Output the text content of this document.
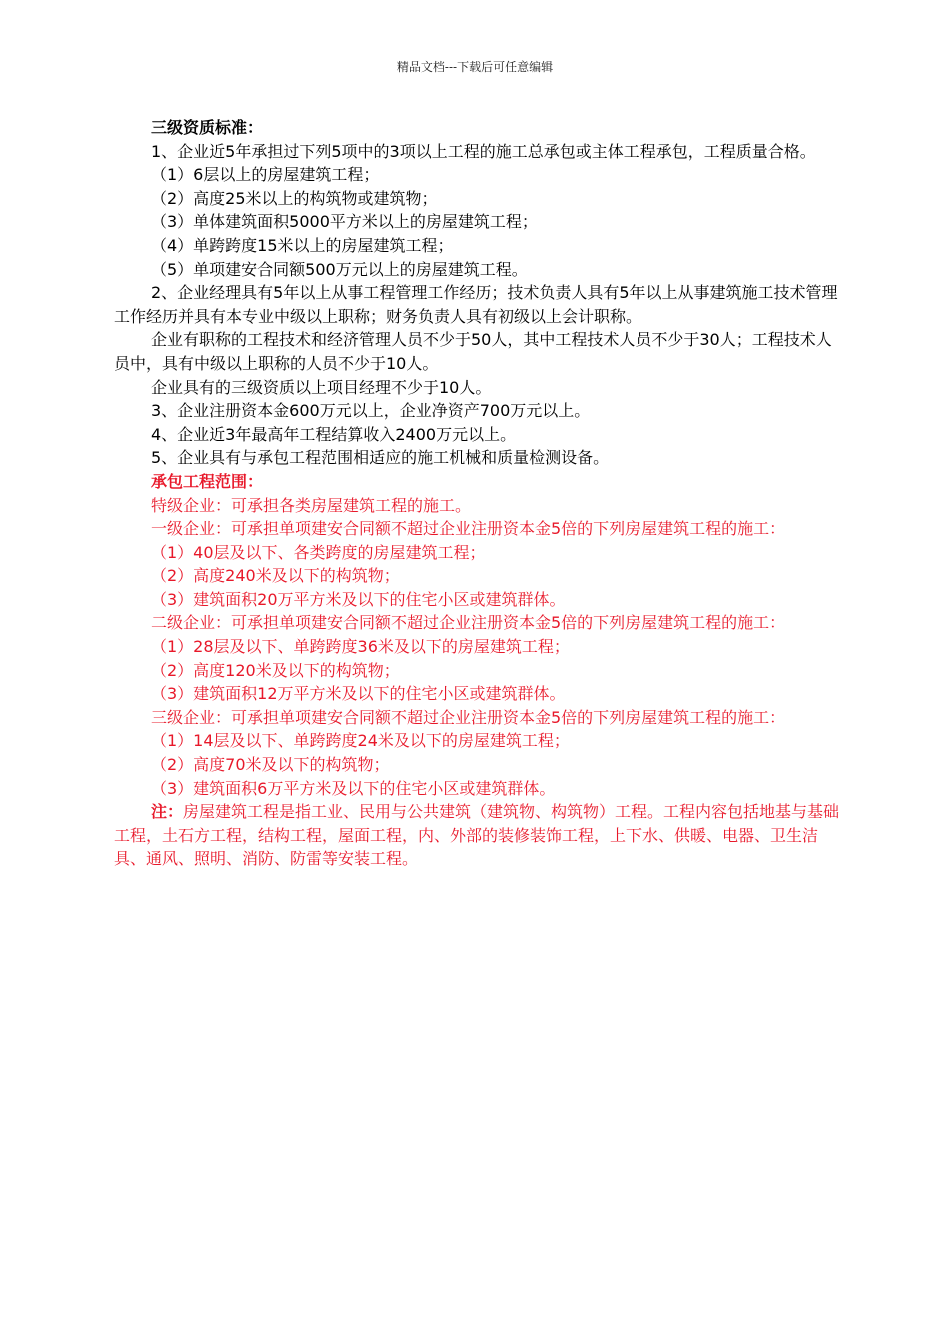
精品文档---下载后可任意编辑

三级资质标准：

1、企业近5年承担过下列5项中的3项以上工程的施工总承包或主体工程承包，工程质量合格。

（1）6层以上的房屋建筑工程；

（2）高度25米以上的构筑物或建筑物；

（3）单体建筑面积5000平方米以上的房屋建筑工程；

（4）单跨跨度15米以上的房屋建筑工程；

（5）单项建安合同额500万元以上的房屋建筑工程。

2、企业经理具有5年以上从事工程管理工作经历；技术负责人具有5年以上从事建筑施工技术管理工作经历并具有本专业中级以上职称；财务负责人具有初级以上会计职称。

企业有职称的工程技术和经济管理人员不少于50人，其中工程技术人员不少于30人；工程技术人员中，具有中级以上职称的人员不少于10人。

企业具有的三级资质以上项目经理不少于10人。

3、企业注册资本金600万元以上，企业净资产700万元以上。

4、企业近3年最高年工程结算收入2400万元以上。

5、企业具有与承包工程范围相适应的施工机械和质量检测设备。

承包工程范围：

特级企业：可承担各类房屋建筑工程的施工。

一级企业：可承担单项建安合同额不超过企业注册资本金5倍的下列房屋建筑工程的施工：

（1）40层及以下、各类跨度的房屋建筑工程；

（2）高度240米及以下的构筑物；

（3）建筑面积20万平方米及以下的住宅小区或建筑群体。

二级企业：可承担单项建安合同额不超过企业注册资本金5倍的下列房屋建筑工程的施工：

（1）28层及以下、单跨跨度36米及以下的房屋建筑工程；

（2）高度120米及以下的构筑物；

（3）建筑面积12万平方米及以下的住宅小区或建筑群体。

三级企业：可承担单项建安合同额不超过企业注册资本金5倍的下列房屋建筑工程的施工：

（1）14层及以下、单跨跨度24米及以下的房屋建筑工程；

（2）高度70米及以下的构筑物；

（3）建筑面积6万平方米及以下的住宅小区或建筑群体。

注：房屋建筑工程是指工业、民用与公共建筑（建筑物、构筑物）工程。工程内容包括地基与基础工程，土石方工程，结构工程，屋面工程，内、外部的装修装饰工程，上下水、供暖、电器、卫生洁具、通风、照明、消防、防雷等安装工程。
